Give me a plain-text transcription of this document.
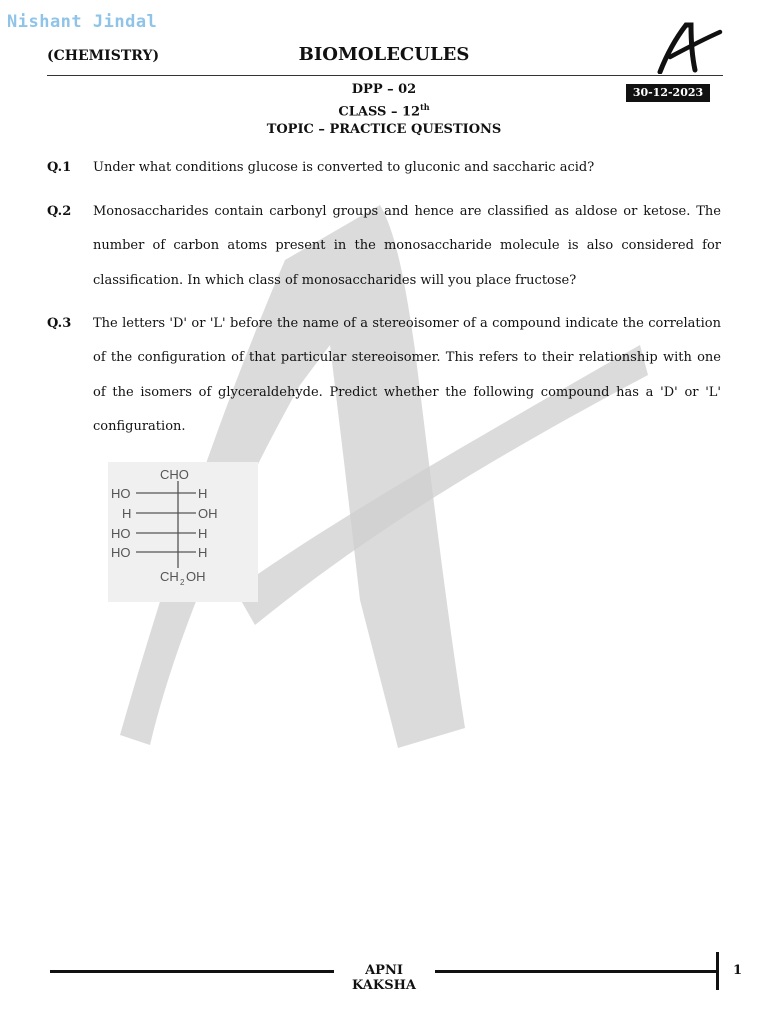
Nishant Jindal
(CHEMISTRY)	BIOMOLECULES
30-12-2023
DPP – 02
CLASS – 12th
TOPIC – PRACTICE QUESTIONS
Q.1 Under what conditions glucose is converted to gluconic and saccharic acid?
Q.2 Monosaccharides contain carbonyl groups and hence are classified as aldose or ketose. The number of carbon atoms present in the monosaccharide molecule is also considered for classification. In which class of monosaccharides will you place fructose?
Q.3 The letters 'D' or 'L' before the name of a stereoisomer of a compound indicate the correlation of the configuration of that particular stereoisomer. This refers to their relationship with one of the isomers of glyceraldehyde. Predict whether the following compound has a 'D' or 'L' configuration.
CHO
HO	H
H	OH
HO	H
HO	H
CH 2 OH
APNI KAKSHA
1
